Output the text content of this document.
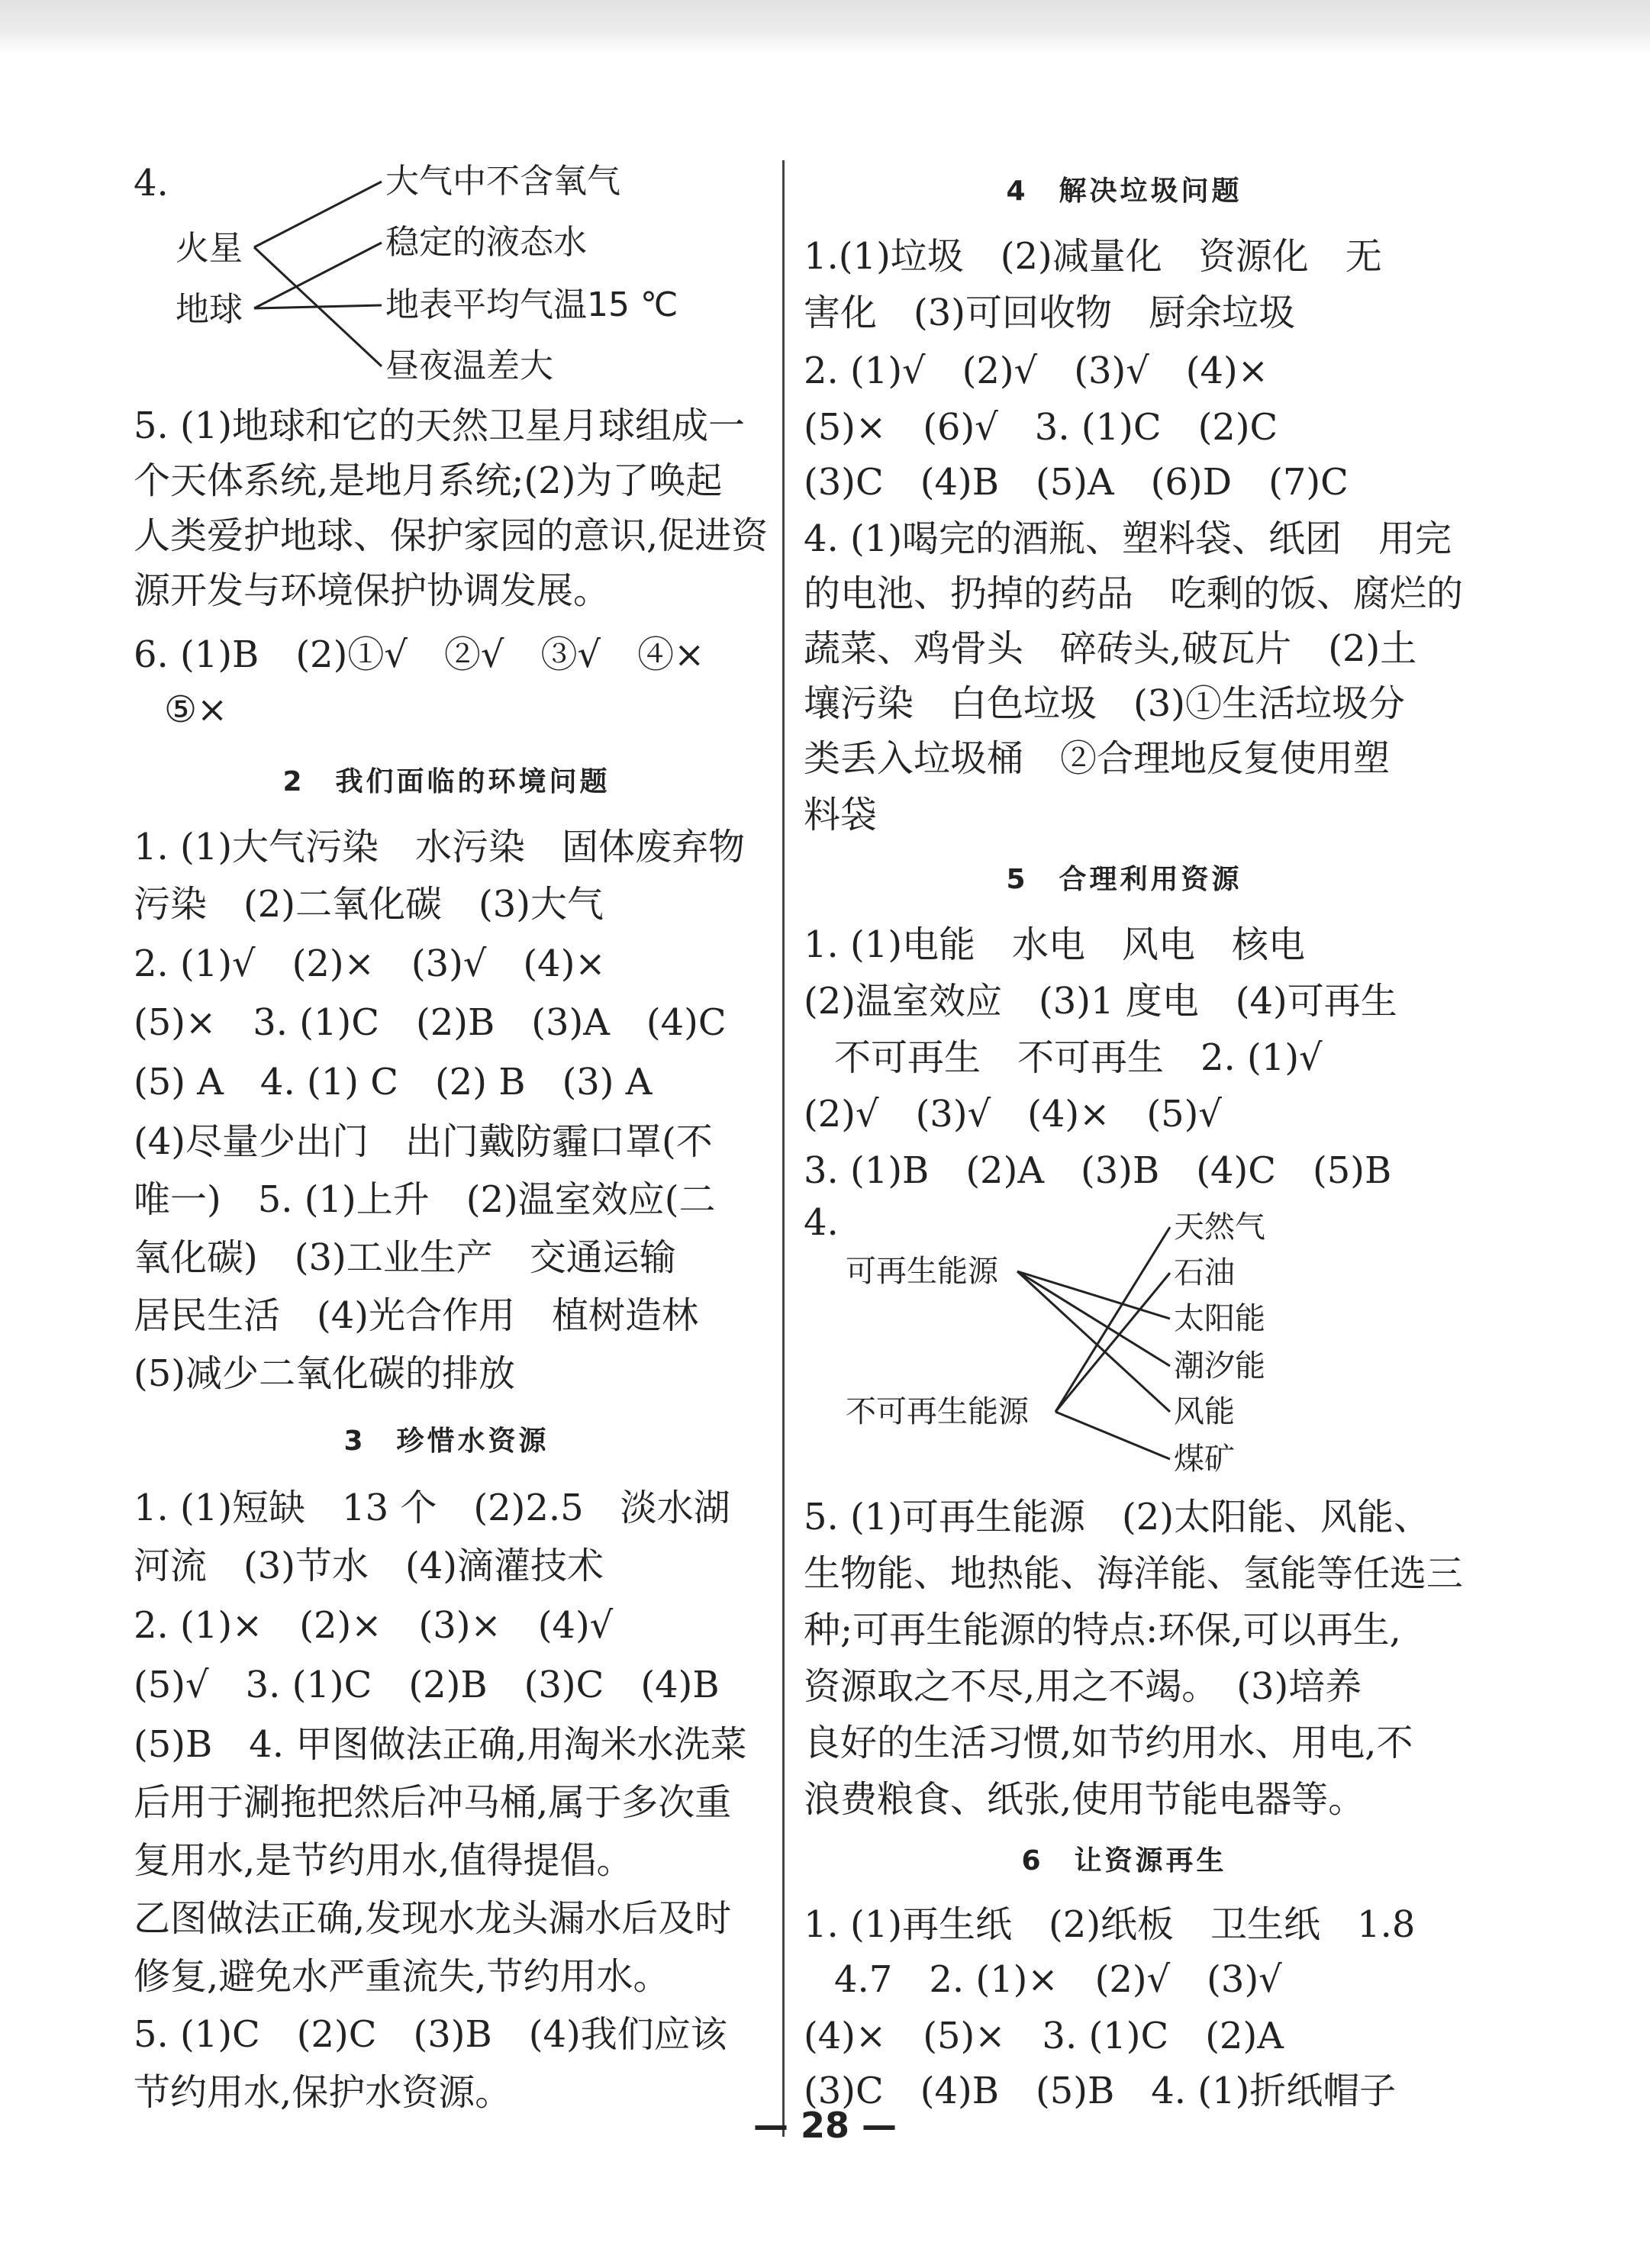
4.
火星
地球
大气中不含氧气
稳定的液态水
地表平均气温15 ℃
昼夜温差大
5. (1)地球和它的天然卫星月球组成一
个天体系统,是地月系统;(2)为了唤起
人类爱护地球、保护家园的意识,促进资
源开发与环境保护协调发展。
6. (1)B　(2)①√　②√　③√　④×
⑤×
2　我们面临的环境问题
1. (1)大气污染　水污染　固体废弃物
污染　(2)二氧化碳　(3)大气
2. (1)√　(2)×　(3)√　(4)×
(5)×　3. (1)C　(2)B　(3)A　(4)C
(5) A　4. (1) C　(2) B　(3) A
(4)尽量少出门　出门戴防霾口罩(不
唯一)　5. (1)上升　(2)温室效应(二
氧化碳)　(3)工业生产　交通运输
居民生活　(4)光合作用　植树造林
(5)减少二氧化碳的排放
3　珍惜水资源
1. (1)短缺　13 个　(2)2.5　淡水湖
河流　(3)节水　(4)滴灌技术
2. (1)×　(2)×　(3)×　(4)√
(5)√　3. (1)C　(2)B　(3)C　(4)B
(5)B　4. 甲图做法正确,用淘米水洗菜
后用于涮拖把然后冲马桶,属于多次重
复用水,是节约用水,值得提倡。
乙图做法正确,发现水龙头漏水后及时
修复,避免水严重流失,节约用水。
5. (1)C　(2)C　(3)B　(4)我们应该
节约用水,保护水资源。
4　解决垃圾问题
1.(1)垃圾　(2)减量化　资源化　无
害化　(3)可回收物　厨余垃圾
2. (1)√　(2)√　(3)√　(4)×
(5)×　(6)√　3. (1)C　(2)C
(3)C　(4)B　(5)A　(6)D　(7)C
4. (1)喝完的酒瓶、塑料袋、纸团　用完
的电池、扔掉的药品　吃剩的饭、腐烂的
蔬菜、鸡骨头　碎砖头,破瓦片　(2)土
壤污染　白色垃圾　(3)①生活垃圾分
类丢入垃圾桶　②合理地反复使用塑
料袋
5　合理利用资源
1. (1)电能　水电　风电　核电
(2)温室效应　(3)1 度电　(4)可再生
不可再生　不可再生　2. (1)√
(2)√　(3)√　(4)×　(5)√
3. (1)B　(2)A　(3)B　(4)C　(5)B
4.
可再生能源
不可再生能源
天然气
石油
太阳能
潮汐能
风能
煤矿
5. (1)可再生能源　(2)太阳能、风能、
生物能、地热能、海洋能、氢能等任选三
种;可再生能源的特点:环保,可以再生,
资源取之不尽,用之不竭。　(3)培养
良好的生活习惯,如节约用水、用电,不
浪费粮食、纸张,使用节能电器等。
6　让资源再生
1. (1)再生纸　(2)纸板　卫生纸　1.8
4.7　2. (1)×　(2)√　(3)√
(4)×　(5)×　3. (1)C　(2)A
(3)C　(4)B　(5)B　4. (1)折纸帽子
— 28 —
